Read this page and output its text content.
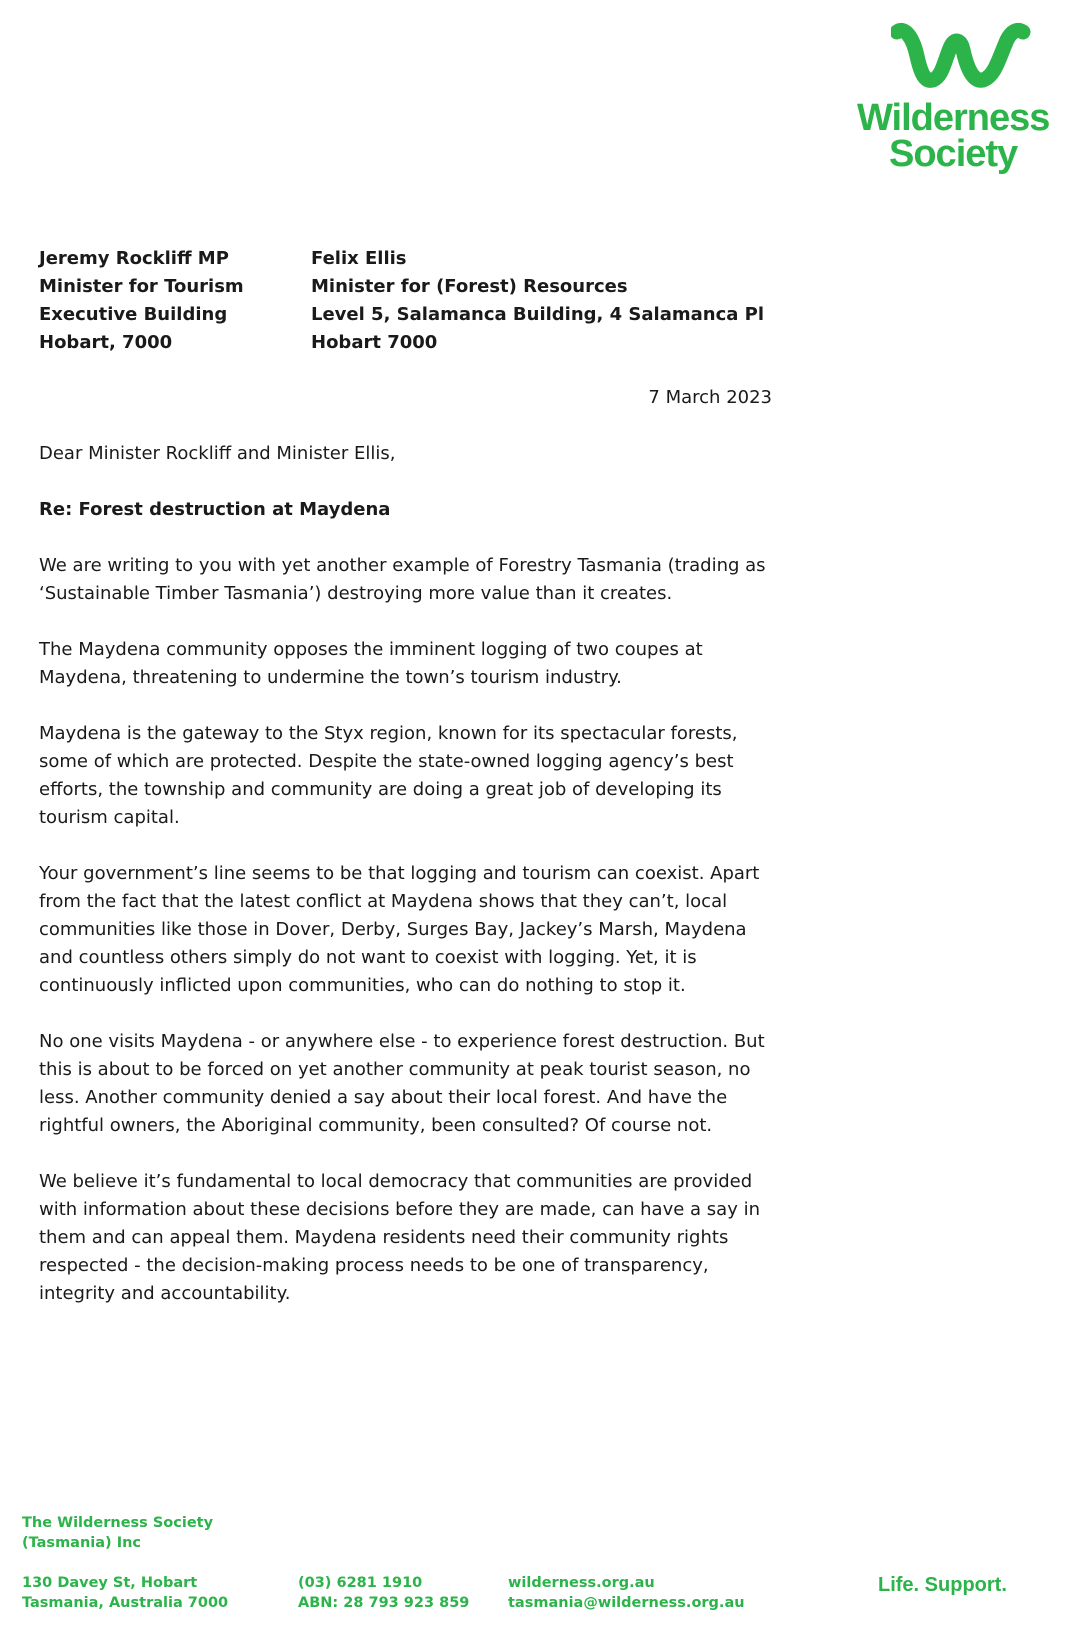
Wilderness
Society
Jeremy Rockliff MP
Minister for Tourism
Executive Building
Hobart, 7000
Felix Ellis
Minister for (Forest) Resources
Level 5, Salamanca Building, 4 Salamanca Pl
Hobart 7000
7 March 2023
Dear Minister Rockliff and Minister Ellis,
Re: Forest destruction at Maydena

We are writing to you with yet another example of Forestry Tasmania (trading as ‘Sustainable Timber Tasmania’) destroying more value than it creates.

The Maydena community opposes the imminent logging of two coupes at Maydena, threatening to undermine the town’s tourism industry.

Maydena is the gateway to the Styx region, known for its spectacular forests, some of which are protected. Despite the state-owned logging agency’s best efforts, the township and community are doing a great job of developing its tourism capital.

Your government’s line seems to be that logging and tourism can coexist. Apart from the fact that the latest conflict at Maydena shows that they can’t, local communities like those in Dover, Derby, Surges Bay, Jackey’s Marsh, Maydena and countless others simply do not want to coexist with logging. Yet, it is continuously inflicted upon communities, who can do nothing to stop it.

No one visits Maydena - or anywhere else - to experience forest destruction. But this is about to be forced on yet another community at peak tourist season, no less. Another community denied a say about their local forest. And have the rightful owners, the Aboriginal community, been consulted? Of course not.

We believe it’s fundamental to local democracy that communities are provided with information about these decisions before they are made, can have a say in them and can appeal them. Maydena residents need their community rights respected - the decision-making process needs to be one of transparency, integrity and accountability.

The Wilderness Society
(Tasmania) Inc
130 Davey St, Hobart
Tasmania, Australia 7000
(03) 6281 1910
ABN: 28 793 923 859
wilderness.org.au
tasmania@wilderness.org.au
Life. Support.
